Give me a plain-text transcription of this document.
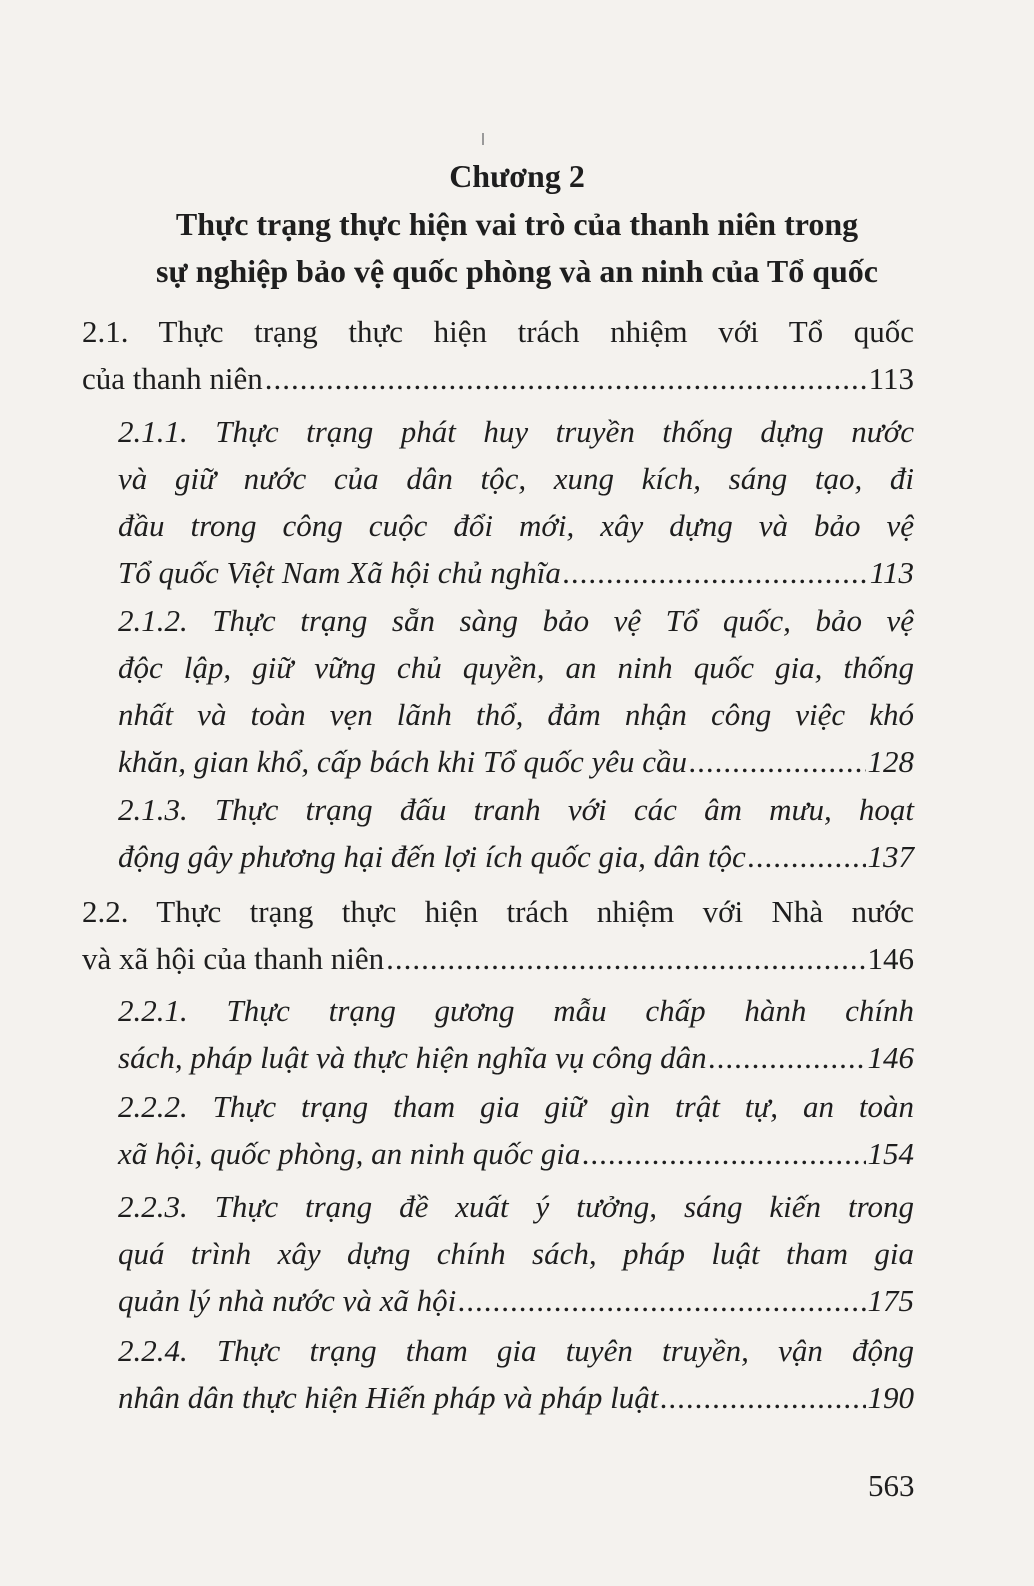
Chương 2
Thực trạng thực hiện vai trò của thanh niên trong
sự nghiệp bảo vệ quốc phòng và an ninh của Tổ quốc
2.1. Thực trạng thực hiện trách nhiệm với Tổ quốc
của thanh niên .....	113
2.1.1. Thực trạng phát huy truyền thống dựng nước
và giữ nước của dân tộc, xung kích, sáng tạo, đi
đầu trong công cuộc đổi mới, xây dựng và bảo vệ
Tổ quốc Việt Nam Xã hội chủ nghĩa .....	113
2.1.2. Thực trạng sẵn sàng bảo vệ Tổ quốc, bảo vệ
độc lập, giữ vững chủ quyền, an ninh quốc gia, thống
nhất và toàn vẹn lãnh thổ, đảm nhận công việc khó
khăn, gian khổ, cấp bách khi Tổ quốc yêu cầu .....	128
2.1.3. Thực trạng đấu tranh với các âm mưu, hoạt
động gây phương hại đến lợi ích quốc gia, dân tộc .....	137
2.2. Thực trạng thực hiện trách nhiệm với Nhà nước
và xã hội của thanh niên .....	146
2.2.1. Thực trạng gương mẫu chấp hành chính
sách, pháp luật và thực hiện nghĩa vụ công dân .....	146
2.2.2. Thực trạng tham gia giữ gìn trật tự, an toàn
xã hội, quốc phòng, an ninh quốc gia .....	154
2.2.3. Thực trạng đề xuất ý tưởng, sáng kiến trong
quá trình xây dựng chính sách, pháp luật tham gia
quản lý nhà nước và xã hội .....	175
2.2.4. Thực trạng tham gia tuyên truyền, vận động
nhân dân thực hiện Hiến pháp và pháp luật .....	190
563
